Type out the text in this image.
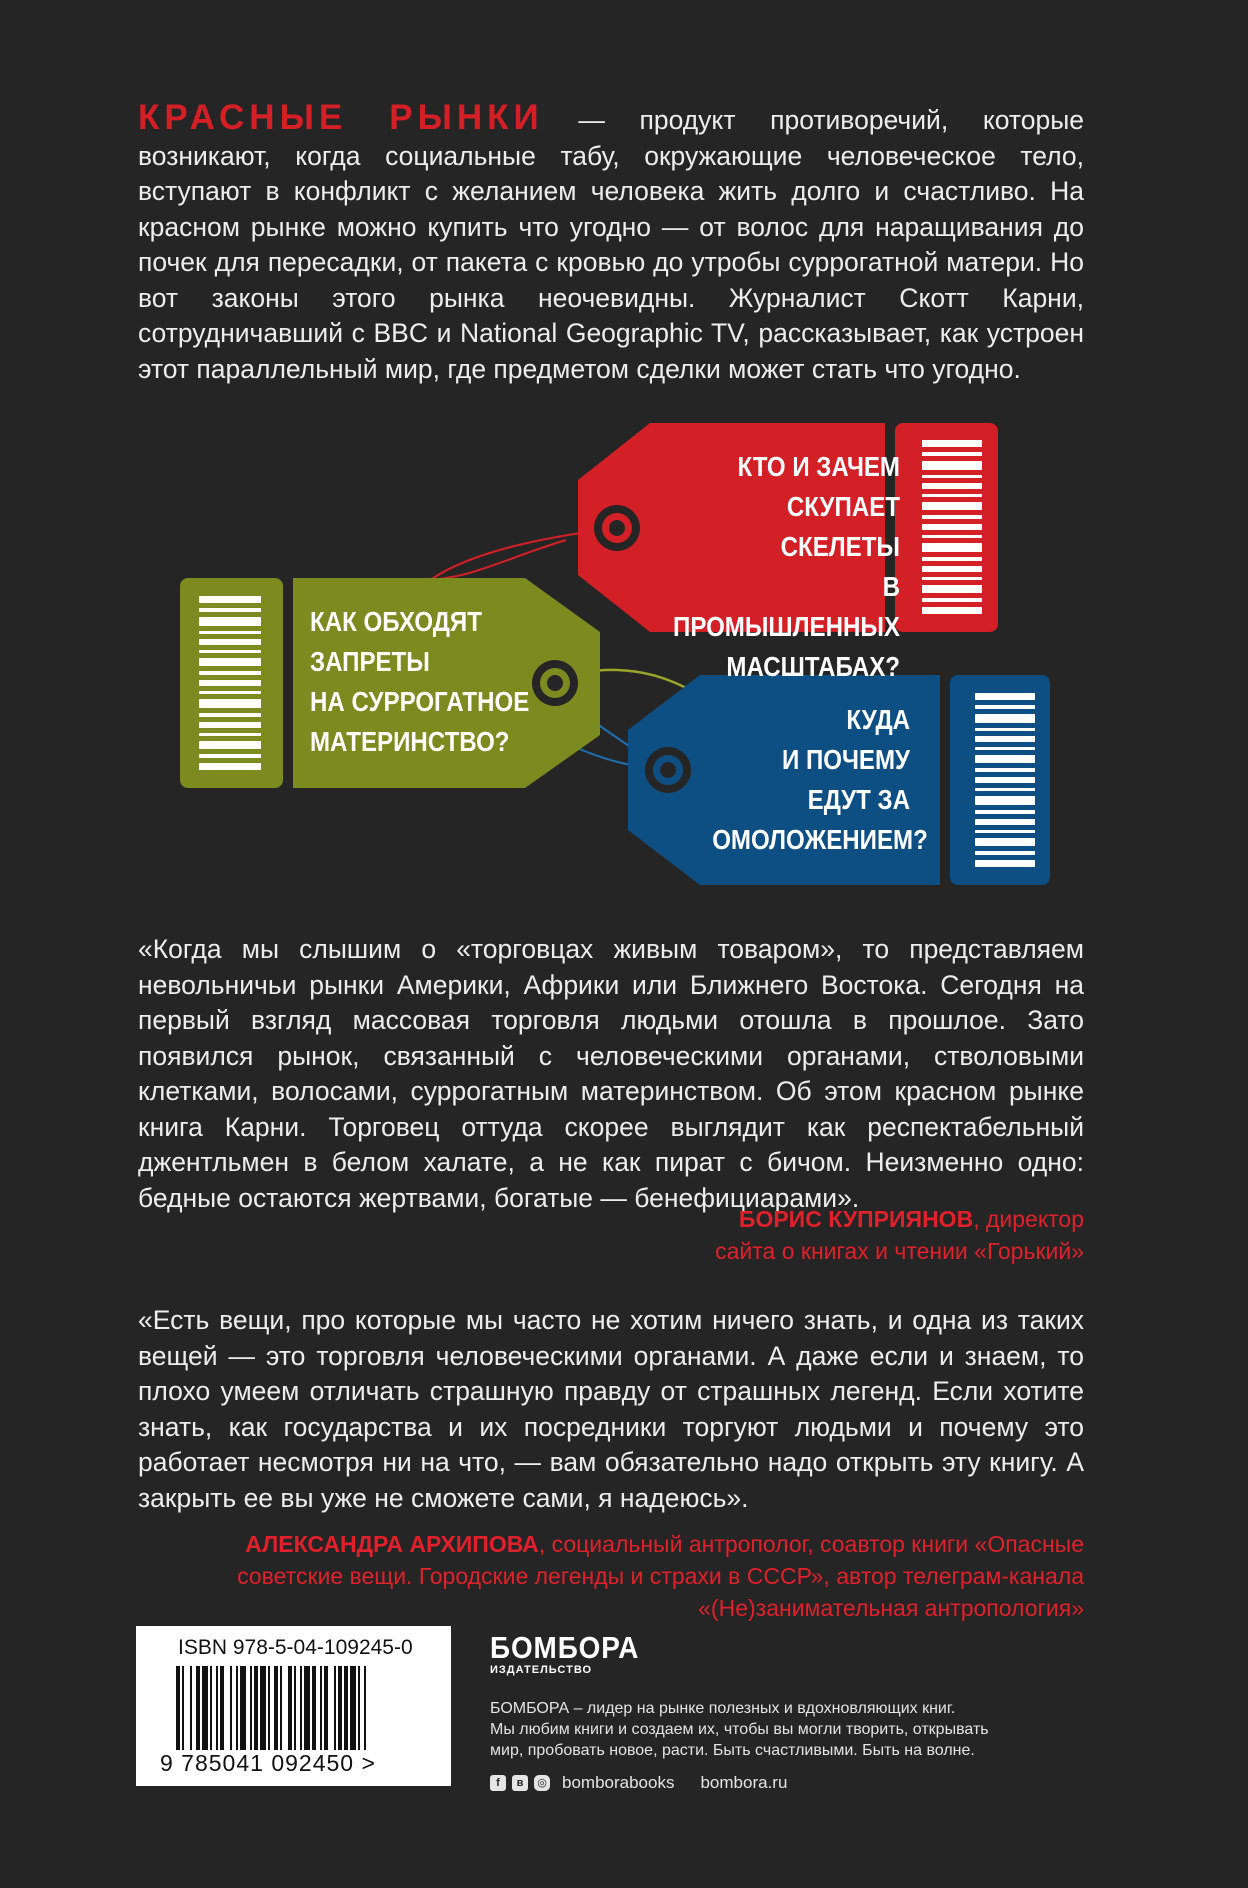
КРАСНЫЕ РЫНКИ — продукт противоречий, которые возникают, когда социальные табу, окружающие человеческое тело, вступают в конфликт с желанием человека жить долго и счастливо. На красном рынке можно купить что угодно — от волос для наращивания до почек для пересадки, от пакета с кровью до утробы суррогатной матери. Но вот законы этого рынка неочевидны. Журналист Скотт Карни, сотрудничавший с BBC и National Geographic TV, рассказывает, как устроен этот параллельный мир, где предметом сделки может стать что угодно.
КТО И ЗАЧЕМ
СКУПАЕТ СКЕЛЕТЫ
В ПРОМЫШЛЕННЫХ
МАСШТАБАХ?
КАК ОБХОДЯТ
ЗАПРЕТЫ
НА СУРРОГАТНОЕ
МАТЕРИНСТВО?
КУДА
И ПОЧЕМУ
ЕДУТ ЗА
ОМОЛОЖЕНИЕМ?
«Когда мы слышим о «торговцах живым товаром», то представляем невольничьи рынки Америки, Африки или Ближнего Востока. Сегодня на первый взгляд массовая торговля людьми отошла в прошлое. Зато появился рынок, связанный с человеческими органами, стволовыми клетками, волосами, суррогатным материнством. Об этом красном рынке книга Карни. Торговец оттуда скорее выглядит как респектабельный джентльмен в белом халате, а не как пират с бичом. Неизменно одно: бедные остаются жертвами, богатые — бенефициарами».
БОРИС КУПРИЯНОВ, директор
сайта о книгах и чтении «Горький»
«Есть вещи, про которые мы часто не хотим ничего знать, и одна из таких вещей — это торговля человеческими органами. А даже если и знаем, то плохо умеем отличать страшную правду от страшных легенд. Если хотите знать, как государства и их посредники торгуют людьми и почему это работает несмотря ни на что, — вам обязательно надо открыть эту книгу. А закрыть ее вы уже не сможете сами, я надеюсь».
АЛЕКСАНДРА АРХИПОВА, социальный антрополог, соавтор книги «Опасные
советские вещи. Городские легенды и страхи в СССР», автор телеграм-канала
«(Не)занимательная антропология»
ISBN 978-5-04-109245-0
9 785041 092450 >
БОМБОРА
ИЗДАТЕЛЬСТВО
БОМБОРА – лидер на рынке полезных и вдохновляющих книг.
Мы любим книги и создаем их, чтобы вы могли творить, открывать
мир, пробовать новое, расти. Быть счастливыми. Быть на волне.
f	в	◎ bomborabooks bombora.ru
